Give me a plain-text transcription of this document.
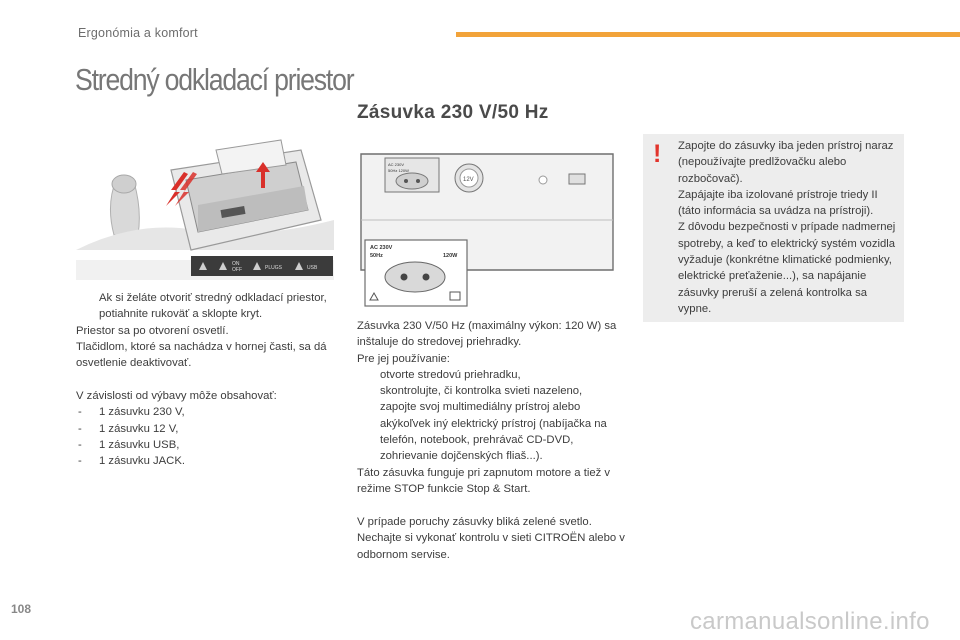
Ergonómia a komfort
Stredný odkladací priestor
ON
OFF	PLUGS	USB
AC 230V
50Hz 120W
12V
AC 230V
50Hz	120W
Zásuvka 230 V/50 Hz

Ak si želáte otvoriť stredný odkladací priestor, potiahnite rukoväť a sklopte kryt.

Priestor sa po otvorení osvetlí.

Tlačidlom, ktoré sa nachádza v hornej časti, sa dá osvetlenie deaktivovať.

V závislosti od výbavy môže obsahovať:

- 1 zásuvku 230 V,

- 1 zásuvku 12 V,

- 1 zásuvku USB,

- 1 zásuvku JACK.

Zásuvka 230 V/50 Hz (maximálny výkon: 120 W) sa inštaluje do stredovej priehradky.

Pre jej používanie:

otvorte stredovú priehradku,

skontrolujte, či kontrolka svieti nazeleno,

zapojte svoj multimediálny prístroj alebo akýkoľvek iný elektrický prístroj (nabíjačka na telefón, notebook, prehrávač CD-DVD, zohrievanie dojčenských fliaš...).

Táto zásuvka funguje pri zapnutom motore a tiež v režime STOP funkcie Stop & Start.

V prípade poruchy zásuvky bliká zelené svetlo. Nechajte si vykonať kontrolu v sieti CITROËN alebo v odbornom servise.

! Zapojte do zásuvky iba jeden prístroj naraz (nepoužívajte predlžovačku alebo rozbočovač).

Zapájajte iba izolované prístroje triedy II (táto informácia sa uvádza na prístroji).

Z dôvodu bezpečnosti v prípade nadmernej spotreby, a keď to elektrický systém vozidla vyžaduje (konkrétne klimatické podmienky, elektrické preťaženie...), sa napájanie zásuvky preruší a zelená kontrolka sa vypne.

108	carmanualsonline.info
